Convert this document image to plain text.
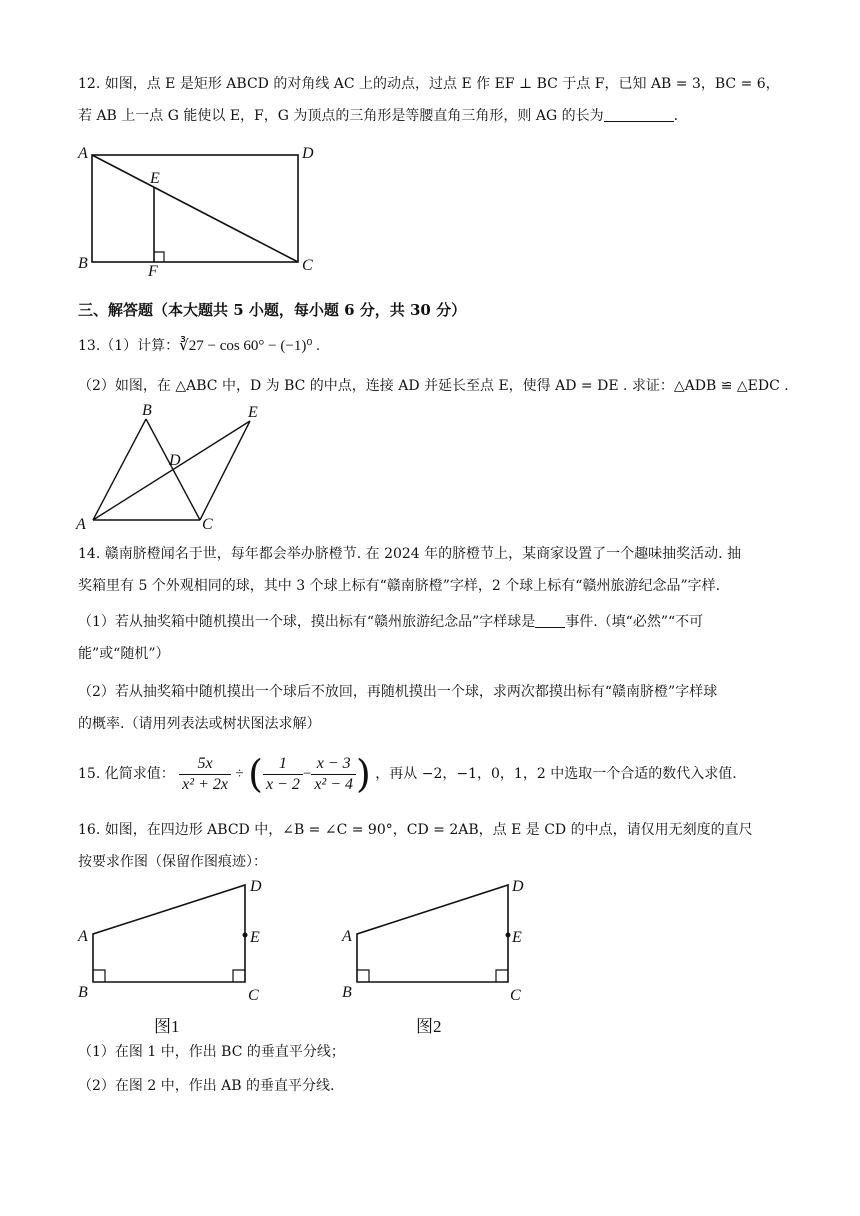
12. 如图，点 E 是矩形 ABCD 的对角线 AC 上的动点，过点 E 作 EF ⊥ BC 于点 F，已知 AB = 3，BC = 6，
若 AB 上一点 G 能使以 E，F，G 为顶点的三角形是等腰直角三角形，则 AG 的长为	.
A	D
E
B	F	C
三、解答题（本大题共 5 小题，每小题 6 分，共 30 分）
13.（1）计算：∛27 − cos 60° − (−1)⁰ .
（2）如图，在 △ABC 中，D 为 BC 的中点，连接 AD 并延长至点 E，使得 AD = DE . 求证：△ADB ≌ △EDC .
B	E
D
A	C
14. 赣南脐橙闻名于世，每年都会举办脐橙节. 在 2024 年的脐橙节上，某商家设置了一个趣味抽奖活动. 抽
奖箱里有 5 个外观相同的球，其中 3 个球上标有“赣南脐橙”字样，2 个球上标有“赣州旅游纪念品”字样.
（1）若从抽奖箱中随机摸出一个球，摸出标有“赣州旅游纪念品”字样球是 事件.（填“必然”“不可
能”或“随机”）
（2）若从抽奖箱中随机摸出一个球后不放回，再随机摸出一个球，求两次都摸出标有“赣南脐橙”字样球
的概率.（请用列表法或树状图法求解）
15. 化简求值： $\frac{5x}{\text{x² + 2x}}$ ÷ ( $\frac{1}{x - 2} - \frac{x - 3}{\text{x² − 4}}$ ) ，再从 −2，−1，0，1，2 中选取一个合适的数代入求值.
16. 如图，在四边形 ABCD 中，∠B = ∠C = 90°，CD = 2AB，点 E 是 CD 的中点，请仅用无刻度的直尺
按要求作图（保留作图痕迹）：
A
B	C
D
E
图1
A
B	C
D
E
图2
（1）在图 1 中，作出 BC 的垂直平分线；
（2）在图 2 中，作出 AB 的垂直平分线.
